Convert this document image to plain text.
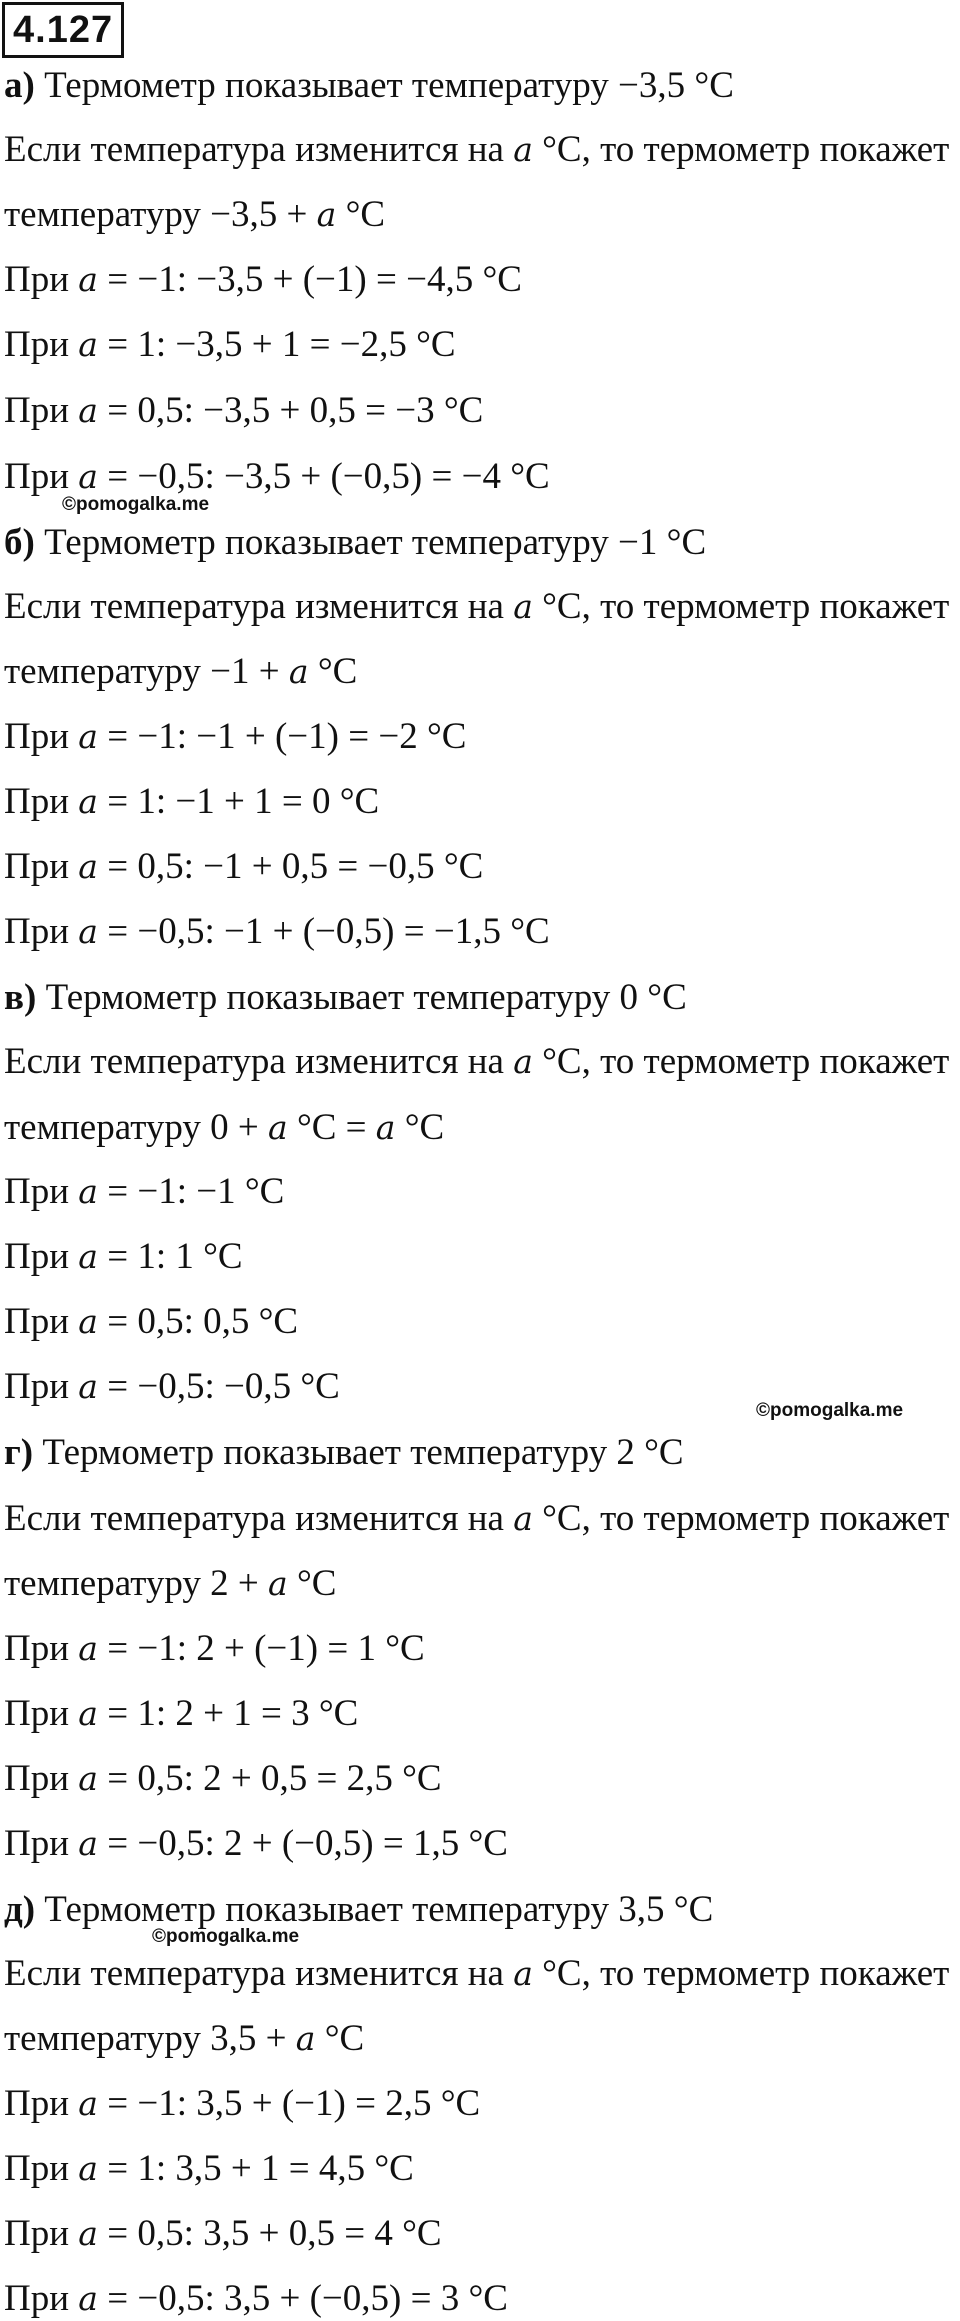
4.127
а) Термометр показывает температуру −3,5 °C
Если температура изменится на a °C, то термометр покажет
температуру −3,5 + a °C
При a = −1: −3,5 + (−1) = −4,5 °C
При a = 1: −3,5 + 1 = −2,5 °C
При a = 0,5: −3,5 + 0,5 = −3 °C
При a = −0,5: −3,5 + (−0,5) = −4 °C
б) Термометр показывает температуру −1 °C
Если температура изменится на a °C, то термометр покажет
температуру −1 + a °C
При a = −1: −1 + (−1) = −2 °C
При a = 1: −1 + 1 = 0 °C
При a = 0,5: −1 + 0,5 = −0,5 °C
При a = −0,5: −1 + (−0,5) = −1,5 °C
в) Термометр показывает температуру 0 °C
Если температура изменится на a °C, то термометр покажет
температуру 0 + a °C = a °C
При a = −1: −1 °C
При a = 1: 1 °C
При a = 0,5: 0,5 °C
При a = −0,5: −0,5 °C
г) Термометр показывает температуру 2 °C
Если температура изменится на a °C, то термометр покажет
температуру 2 + a °C
При a = −1: 2 + (−1) = 1 °C
При a = 1: 2 + 1 = 3 °C
При a = 0,5: 2 + 0,5 = 2,5 °C
При a = −0,5: 2 + (−0,5) = 1,5 °C
д) Термометр показывает температуру 3,5 °C
Если температура изменится на a °C, то термометр покажет
температуру 3,5 + a °C
При a = −1: 3,5 + (−1) = 2,5 °C
При a = 1: 3,5 + 1 = 4,5 °C
При a = 0,5: 3,5 + 0,5 = 4 °C
При a = −0,5: 3,5 + (−0,5) = 3 °C
©pomogalka.me
©pomogalka.me
©pomogalka.me
